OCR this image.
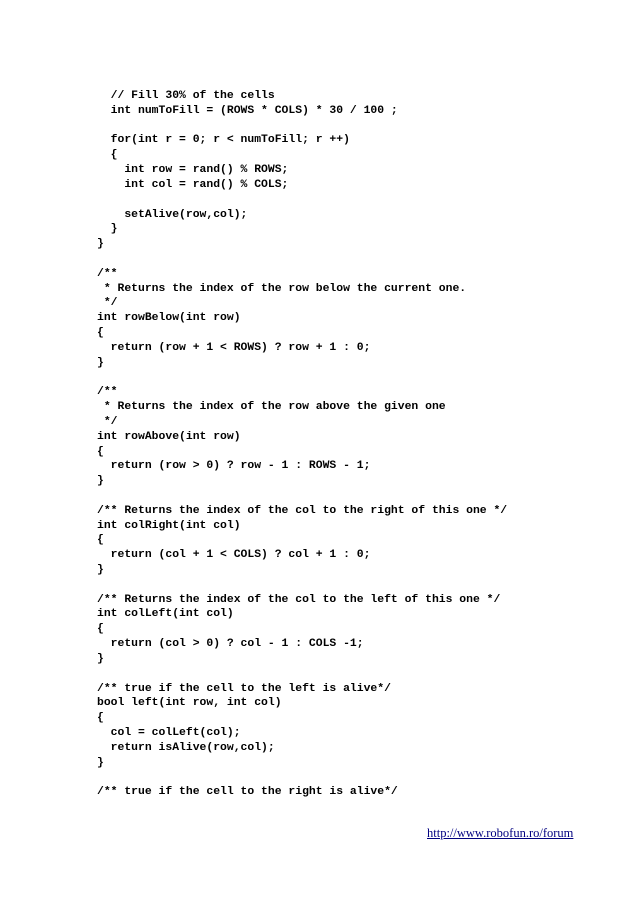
// Fill 30% of the cells
int numToFill = (ROWS * COLS) * 30 / 100 ;
for(int r = 0; r < numToFill; r ++)
{
int row = rand() % ROWS;
int col = rand() % COLS;
setAlive(row,col);
}
}
/**
* Returns the index of the row below the current one.
*/
int rowBelow(int row)
{
return (row + 1 < ROWS) ? row + 1 : 0;
}
/**
* Returns the index of the row above the given one
*/
int rowAbove(int row)
{
return (row > 0) ? row - 1 : ROWS - 1;
}
/** Returns the index of the col to the right of this one */
int colRight(int col)
{
return (col + 1 < COLS) ? col + 1 : 0;
}
/** Returns the index of the col to the left of this one */
int colLeft(int col)
{
return (col > 0) ? col - 1 : COLS -1;
}
/** true if the cell to the left is alive*/
bool left(int row, int col)
{
col = colLeft(col);
return isAlive(row,col);
}
/** true if the cell to the right is alive*/
http://www.robofun.ro/forum
